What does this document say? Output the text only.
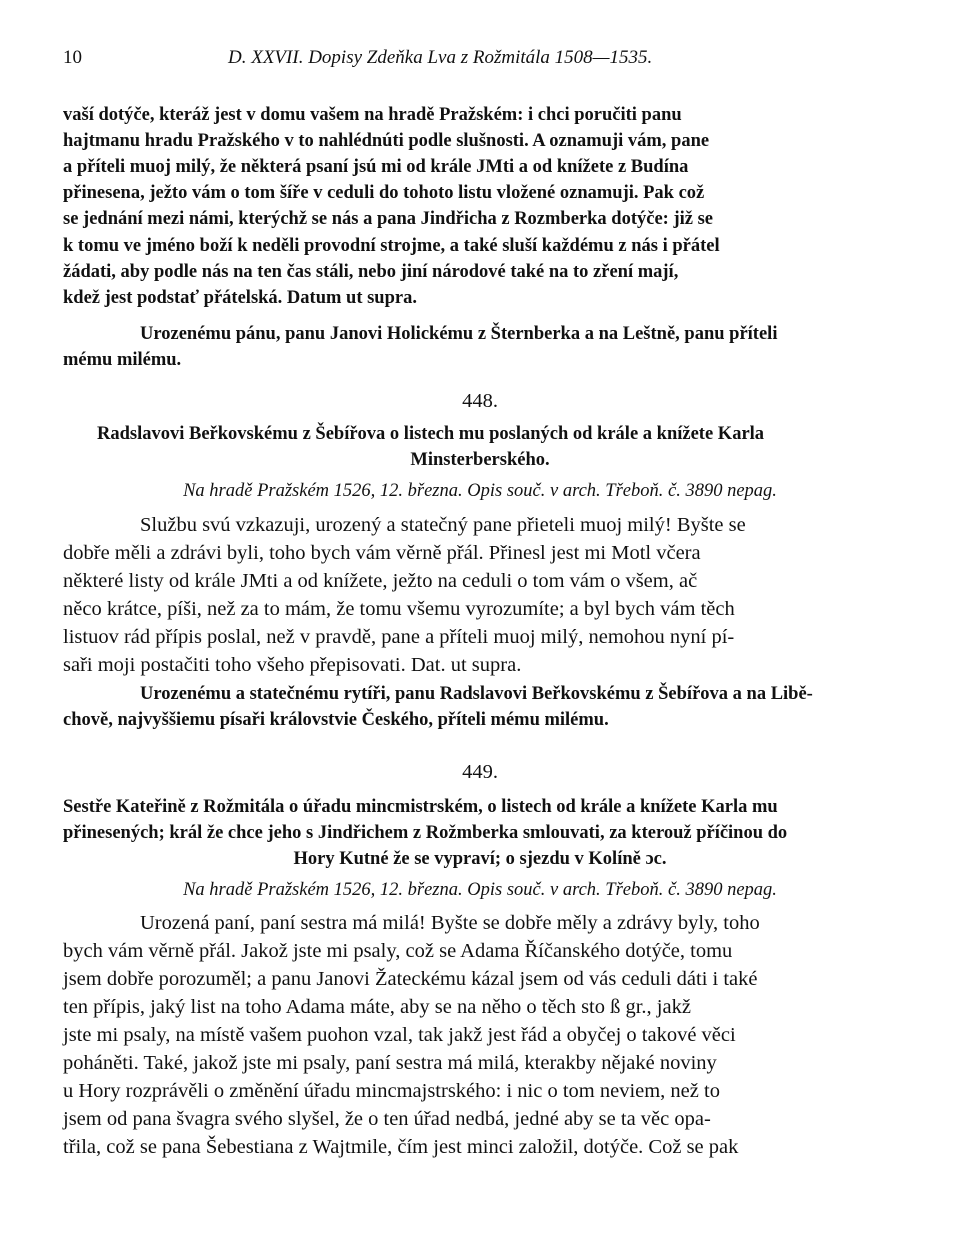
10	D. XXVII. Dopisy Zdeňka Lva z Rožmitála 1508—1535.
vaší dotýče, kteráž jest v domu vašem na hradě Pražském: i chci poručiti panu
hajtmanu hradu Pražského v to nahlédnúti podle slušnosti. A oznamuji vám, pane
a příteli muoj milý, že některá psaní jsú mi od krále JMti a od knížete z Budína
přinesena, ježto vám o tom šíře v ceduli do tohoto listu vložené oznamuji. Pak což
se jednání mezi námi, kterýchž se nás a pana Jindřicha z Rozmberka dotýče: již se
k tomu ve jméno boží k neděli provodní strojme, a také sluší každému z nás i přátel
žádati, aby podle nás na ten čas stáli, nebo jiní národové také na to zření mají,
kdež jest podstať přátelská. Datum ut supra.
Urozenému pánu, panu Janovi Holickému z Šternberka a na Leštně, panu příteli
mému milému.
448.
Radslavovi Beřkovskému z Šebířova o listech mu poslaných od krále a knížete Karla
Minsterberského.
Na hradě Pražském 1526, 12. března. Opis souč. v arch. Třeboň. č. 3890 nepag.
Službu svú vzkazuji, urozený a statečný pane přieteli muoj milý! Byšte se
dobře měli a zdrávi byli, toho bych vám věrně přál. Přinesl jest mi Motl včera
některé listy od krále JMti a od knížete, ježto na ceduli o tom vám o všem, ač
něco krátce, píši, než za to mám, že tomu všemu vyrozumíte; a byl bych vám těch
listuov rád přípis poslal, než v pravdě, pane a příteli muoj milý, nemohou nyní pí-
saři moji postačiti toho všeho přepisovati. Dat. ut supra.
Urozenému a statečnému rytíři, panu Radslavovi Beřkovskému z Šebířova a na Libě-
chově, najvyššiemu písaři královstvie Českého, příteli mému milému.
449.
Sestře Kateřině z Rožmitála o úřadu mincmistrském, o listech od krále a knížete Karla mu
přinesených; král že chce jeho s Jindřichem z Rožmberka smlouvati, za kterouž příčinou do
Hory Kutné že se vypraví; o sjezdu v Kolíně ɔc.
Na hradě Pražském 1526, 12. března. Opis souč. v arch. Třeboň. č. 3890 nepag.
Urozená paní, paní sestra má milá! Byšte se dobře měly a zdrávy byly, toho
bych vám věrně přál. Jakož jste mi psaly, což se Adama Říčanského dotýče, tomu
jsem dobře porozuměl; a panu Janovi Žateckému kázal jsem od vás ceduli dáti i také
ten přípis, jaký list na toho Adama máte, aby se na něho o těch sto ß gr., jakž
jste mi psaly, na místě vašem puohon vzal, tak jakž jest řád a obyčej o takové věci
poháněti. Také, jakož jste mi psaly, paní sestra má milá, kterakby nějaké noviny
u Hory rozprávěli o změnění úřadu mincmajstrského: i nic o tom neviem, než to
jsem od pana švagra svého slyšel, že o ten úřad nedbá, jedné aby se ta věc opa-
třila, což se pana Šebestiana z Wajtmile, čím jest minci založil, dotýče. Což se pak
